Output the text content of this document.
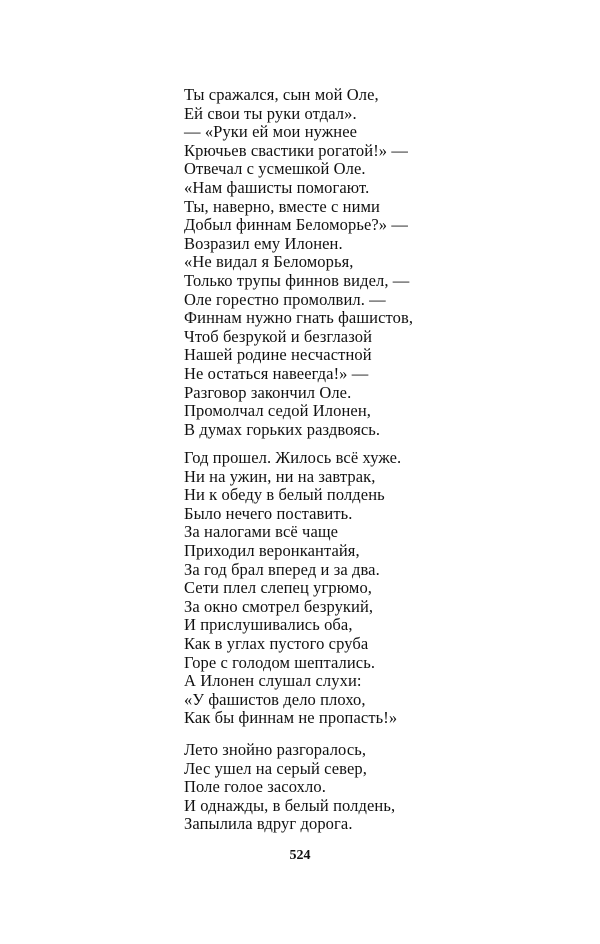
Ты сражался, сын мой Оле,
Ей свои ты руки отдал».
— «Руки ей мои нужнее
Крючьев свастики рогатой!» —
Отвечал с усмешкой Оле.
«Нам фашисты помогают.
Ты, наверно, вместе с ними
Добыл финнам Беломорье?» —
Возразил ему Илонен.
«Не видал я Беломорья,
Только трупы финнов видел, —
Оле горестно промолвил. —
Финнам нужно гнать фашистов,
Чтоб безрукой и безглазой
Нашей родине несчастной
Не остаться навеегда!» —
Разговор закончил Оле.
Промолчал седой Илонен,
В думах горьких раздвоясь.
Год прошел. Жилось всё хуже.
Ни на ужин, ни на завтрак,
Ни к обеду в белый полдень
Было нечего поставить.
За налогами всё чаще
Приходил веронкантайя,
За год брал вперед и за два.
Сети плел слепец угрюмо,
За окно смотрел безрукий,
И прислушивались оба,
Как в углах пустого сруба
Горе с голодом шептались.
А Илонен слушал слухи:
«У фашистов дело плохо,
Как бы финнам не пропасть!»
Лето знойно разгоралось,
Лес ушел на серый север,
Поле голое засохло.
И однажды, в белый полдень,
Запылила вдруг дорога.
524
